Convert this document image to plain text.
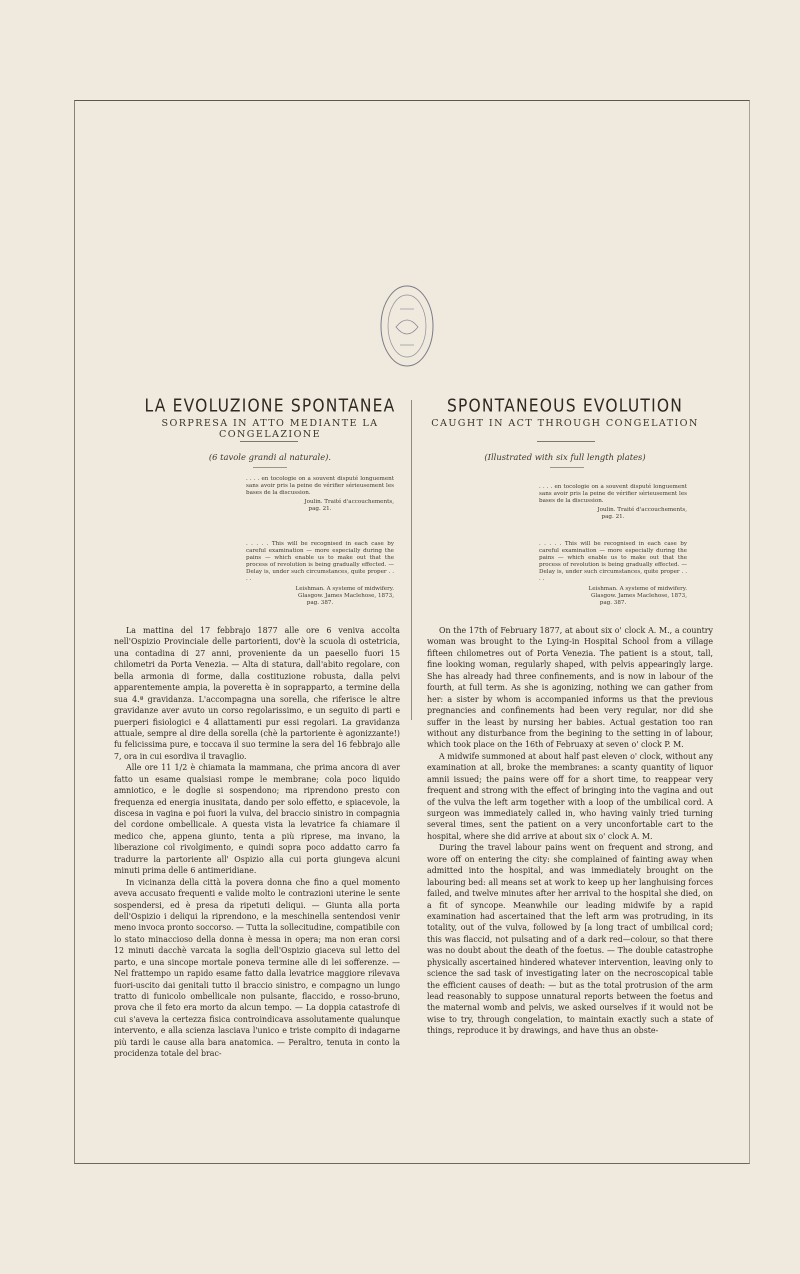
LA EVOLUZIONE SPONTANEA
SORPRESA IN ATTO MEDIANTE LA CONGELAZIONE
(6 tavole grandi al naturale).
. . . . en tocologie on a souvent disputé longuement sans avoir pris la peine de vérifier sérieusement les bases de la discussion.
Joulin. Traité d'accouchements,
pag. 21.
. . . . . This will be recognised in each case by careful examination — more especially during the pains — which enable us to make out that the process of revolution is being gradually effected. — Delay is, under such circumstances, quite proper . . . .
Leishman. A systeme of midwifery.
Glasgow. James Maclehose, 1873,
pag. 387.

La mattina del 17 febbrajo 1877 alle ore 6 veniva accolta nell'Ospizio Provinciale delle partorienti, dov'è la scuola di ostetricia, una contadina di 27 anni, proveniente da un paesello fuori 15 chilometri da Porta Venezia. — Alta di statura, dall'abito regolare, con bella armonia di forme, dalla costituzione robusta, dalla pelvi apparentemente ampia, la poveretta è in soprapparto, a termine della sua 4.ª gravidanza. L'accompagna una sorella, che riferisce le altre gravidanze aver avuto un corso regolarissimo, e un seguito di parti e puerperi fisiologici e 4 allattamenti pur essi regolari. La gravidanza attuale, sempre al dire della sorella (chè la partoriente è agonizzante!) fu felicissima pure, e toccava il suo termine la sera del 16 febbrajo alle 7, ora in cui esordiva il travaglio.

Alle ore 11 1/2 è chiamata la mammana, che prima ancora di aver fatto un esame qualsiasi rompe le membrane; cola poco liquido amniotico, e le doglie si sospendono; ma riprendono presto con frequenza ed energia inusitata, dando per solo effetto, e spiacevole, la discesa in vagina e poi fuori la vulva, del braccio sinistro in compagnia del cordone ombellicale. A questa vista la levatrice fa chiamare il medico che, appena giunto, tenta a più riprese, ma invano, la liberazione col rivolgimento, e quindi sopra poco addatto carro fa tradurre la partoriente all' Ospizio alla cui porta giungeva alcuni minuti prima delle 6 antimeridiane.

In vicinanza della città la povera donna che fino a quel momento aveva accusato frequenti e valide molto le contrazioni uterine le sente sospendersi, ed è presa da ripetuti deliqui. — Giunta alla porta dell'Ospizio i deliqui la riprendono, e la meschinella sentendosi venir meno invoca pronto soccorso. — Tutta la sollecitudine, compatibile con lo stato minaccioso della donna è messa in opera; ma non eran corsi 12 minuti dacchè varcata la soglia dell'Ospizio giaceva sul letto del parto, e una sincope mortale poneva termine alle di lei sofferenze. — Nel frattempo un rapido esame fatto dalla levatrice maggiore rilevava fuori-uscito dai genitali tutto il braccio sinistro, e compagno un lungo tratto di funicolo ombellicale non pulsante, flaccido, e rosso-bruno, prova che il feto era morto da alcun tempo. — La doppia catastrofe di cui s'aveva la certezza fisica controindicava assolutamente qualunque intervento, e alla scienza lasciava l'unico e triste compito di indagarne più tardi le cause alla bara anatomica. — Peraltro, tenuta in conto la procidenza totale del brac-

SPONTANEOUS EVOLUTION
CAUGHT IN ACT THROUGH CONGELATION
(Illustrated with six full length plates)
. . . . en tocologie on a souvent disputé longuement sans avoir pris la peine de vérifier sérieusement les bases de la discussion.
Joulin. Traité d'accouchements,
pag. 21.
. . . . . This will be recognised in each case by careful examination — more especially during the pains — which enable us to make out that the process of revolution is being gradually effected. — Delay is, under such circumstances, quite proper . . . .
Leishman. A systeme of midwifery.
Glasgow. James Maclehose, 1873,
pag. 387.

On the 17th of February 1877, at about six o' clock A. M., a country woman was brought to the Lying-in Hospital School from a village fifteen chilometres out of Porta Venezia. The patient is a stout, tall, fine looking woman, regularly shaped, with pelvis appearingly large. She has already had three confinements, and is now in labour of the fourth, at full term. As she is agonizing, nothing we can gather from her: a sister by whom is accompanied informs us that the previous pregnancies and confinements had been very regular, nor did she suffer in the least by nursing her babies. Actual gestation too ran without any disturbance from the begining to the setting in of labour, which took place on the 16th of Februaxy at seven o' clock P. M.

A midwife summoned at about half past eleven o' clock, without any examination at all, broke the membranes: a scanty quantity of liquor amnii issued; the pains were off for a short time, to reappear very frequent and strong with the effect of bringing into the vagina and out of the vulva the left arm together with a loop of the umbilical cord. A surgeon was immediately called in, who having vainly tried turning several times, sent the patient on a very unconfortable cart to the hospital, where she did arrive at about six o' clock A. M.

During the travel labour pains went on frequent and strong, and wore off on entering the city: she complained of fainting away when admitted into the hospital, and was immediately brought on the labouring bed: all means set at work to keep up her langhuising forces failed, and twelve minutes after her arrival to the hospital she died, on a fit of syncope. Meanwhile our leading midwife by a rapid examination had ascertained that the left arm was protruding, in its totality, out of the vulva, followed by [a long tract of umbilical cord; this was flaccid, not pulsating and of a dark red—colour, so that there was no doubt about the death of the foetus. — The double catastrophe physically ascertained hindered whatever intervention, leaving only to science the sad task of investigating later on the necroscopical table the efficient causes of death: — but as the total protrusion of the arm lead reasonably to suppose unnatural reports between the foetus and the maternal womb and pelvis, we asked ourselves if it would not be wise to try, through congelation, to maintain exactly such a state of things, reproduce it by drawings, and have thus an obste-
